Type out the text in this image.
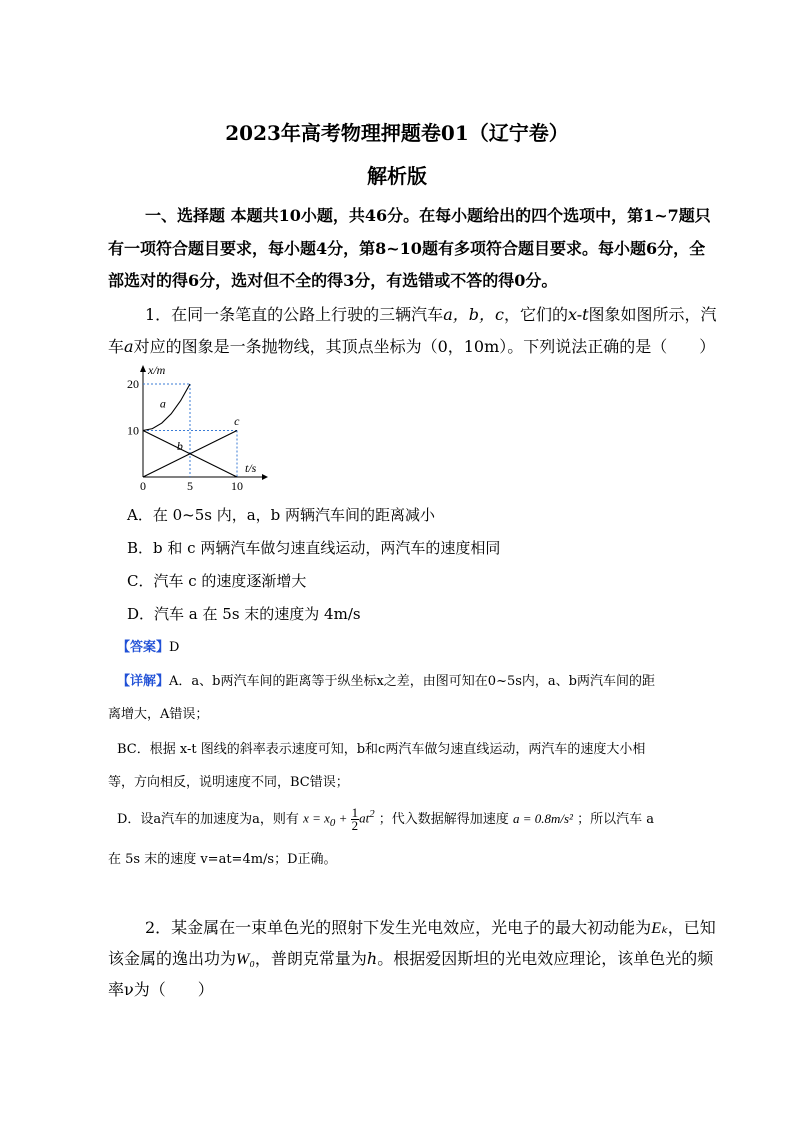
2023年高考物理押题卷01（辽宁卷）
解析版
一、选择题 本题共10小题，共46分。在每小题给出的四个选项中，第1~7题只
有一项符合题目要求，每小题4分，第8~10题有多项符合题目要求。每小题6分，全
部选对的得6分，选对但不全的得3分，有选错或不答的得0分。
1．在同一条笔直的公路上行驶的三辆汽车a，b，c，它们的x-t图象如图所示，汽
车a对应的图象是一条抛物线，其顶点坐标为（0，10m）。下列说法正确的是（　　）
a
b
c
20
10
0	5	10
x/m
t/s
A．在 0~5s 内，a，b 两辆汽车间的距离减小
B．b 和 c 两辆汽车做匀速直线运动，两汽车的速度相同
C．汽车 c 的速度逐渐增大
D．汽车 a 在 5s 末的速度为 4m/s
【答案】D
【详解】A．a、b两汽车间的距离等于纵坐标x之差，由图可知在0~5s内，a、b两汽车间的距
离增大，A错误；
BC．根据 x-t 图线的斜率表示速度可知，b和c两汽车做匀速直线运动，两汽车的速度大小相
等，方向相反，说明速度不同，BC错误；
D．设a汽车的加速度为a，则有 $x = x_0 + \frac{1}{2} at^2$ ；代入数据解得加速度 a = 0.8m/s² ；所以汽车 a
在 5s 末的速度 v=at=4m/s；D正确。
2．某金属在一束单色光的照射下发生光电效应，光电子的最大初动能为Eₖ，已知
该金属的逸出功为W₀，普朗克常量为h。根据爱因斯坦的光电效应理论，该单色光的频
率ν为（　　）
